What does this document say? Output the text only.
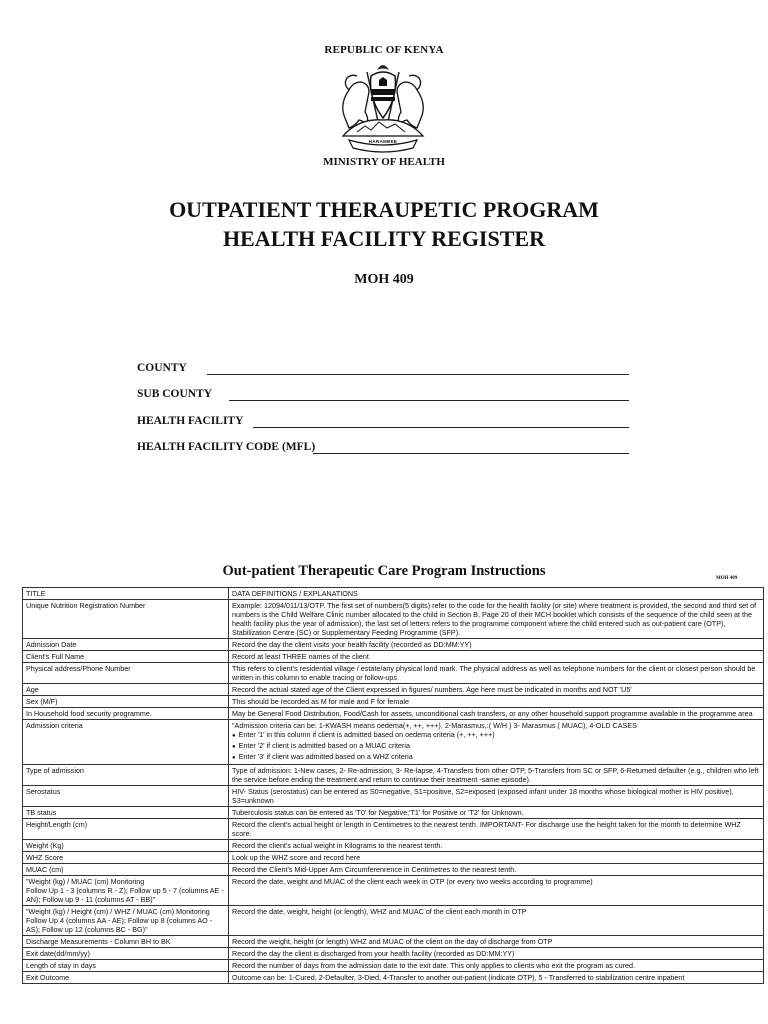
REPUBLIC OF KENYA
HARAMBEE
MINISTRY OF HEALTH
OUTPATIENT THERAUPETIC PROGRAM
HEALTH FACILITY REGISTER
MOH 409
COUNTY
SUB COUNTY
HEALTH FACILITY
HEALTH FACILITY CODE (MFL)
Out-patient Therapeutic Care Program Instructions	MOH 409
TITLE	DATA DEFINITIONS / EXPLANATIONS
Unique Nutrition Registration Number	Example: 12094/011/13/OTP. The first set of numbers(5 digits) refer to the code for the health facility (or site) where treatment is provided, the second and third set of numbers is the Child Welfare Clinic number allocated to the child in Section B, Page 20 of their MCH booklet which consists of the sequence of the child seen at the health facility plus the year of admission), the last set of letters refers to the programme component where the child entered such as out-patient care (OTP), Stabilization Centre (SC) or Supplementary Feeding Programme (SFP).

Admission Date	Record the day the client visits your health facility (recorded as DD:MM:YY)

Client's Full Name	Record at least THREE names of the client

Physical address/Phone Number	This refers to client's residential village / estate/any physical land mark. The physical address as well as telephone numbers for the client or closest person should be written in this column to enable tracing or follow-ups

Age	Record the actual stated age of the Client expressed in figures/ numbers. Age here must be indicated in months and NOT 'U5'

Sex (M/F)	This should be recorded as M for male and F for female

In Household food security programme.	May be General Food Distribution, Food/Cash for assets, unconditional cash transfers, or any other household support programme available in the programme area

Admission criteria	"Admission criteria can be: 1-KWASH means oedema(+, ++, +++), 2-Marasmus,:( W/H ) 3- Marasmus ( MUAC), 4-OLD CASES
● Enter '1' in this column if client is admitted based on oedema criteria (+, ++, +++)
● Enter '2' if client is admitted based on a MUAC criteria
● Enter '3' if client was admitted based on a WHZ criteria

Type of admission	Type of admission: 1-New cases, 2- Re-admission, 3- Re-lapse, 4-Transfers from other OTP, 5-Transfers from SC or SFP, 6-Returned defaulter (e.g., children who left the service before ending the treatment and return to continue their treatment -same episode).

Serostatus	HIV- Status (serostatus) can be entered as S0=negative, S1=positive, S2=exposed (exposed infant under 18 months whose biological mother is HIV positive), S3=unknown

TB status	Tuberculosis status can be entered as 'T0' for Negative;'T1' for Positive or 'T2' for Unknown.

Height/Length (cm)	Record the client's actual height or length in Centimetres to the nearest tenth. IMPORTANT- For discharge use the height taken for the month to determine WHZ score.

Weight (Kg)	Record the client's actual weight in Kilograms to the nearest tenth.

WHZ Score	Look up the WHZ score and record here

MUAC (cm)	Record the Client's Mid-Upper Arm Circumferenrence in Centimetres to the nearest tenth.

"Weight (kg) / MUAC (cm) Monitoring
Follow Up 1 - 3 (columns R - Z); Follow up 5 - 7 (columns AE - AN); Follow up 9 - 11 (columns AT - BB)"	Record the date, weight and MUAC of the client each week in OTP (or every two weeks according to programme)

"Weight (kg) / Height (cm) / WHZ / MUAC (cm) Monitoring
Follow Up 4 (columns AA - AE); Follow up 8 (columns AO - AS); Follow up 12 (columns BC - BG)"	Record the date, weight, height (or length), WHZ and MUAC of the client each month in OTP

Discharge Measurements - Column BH to BK	Record the weight, height (or length) WHZ and MUAC of the client on the day of discharge from OTP

Exit date(dd/mm/yy)	Record the day the client is discharged from your health facility (recorded as DD:MM:YY)

Length of stay in days	Record the number of days from the admission date to the exit date. This only applies to clients who exit the program as cured.

Exit Outcome	Outcome can be: 1-Cured, 2-Defaulter, 3-Died, 4-Transfer to another out-patient (indicate OTP), 5 - Transferred to stabilization centre inpatient
